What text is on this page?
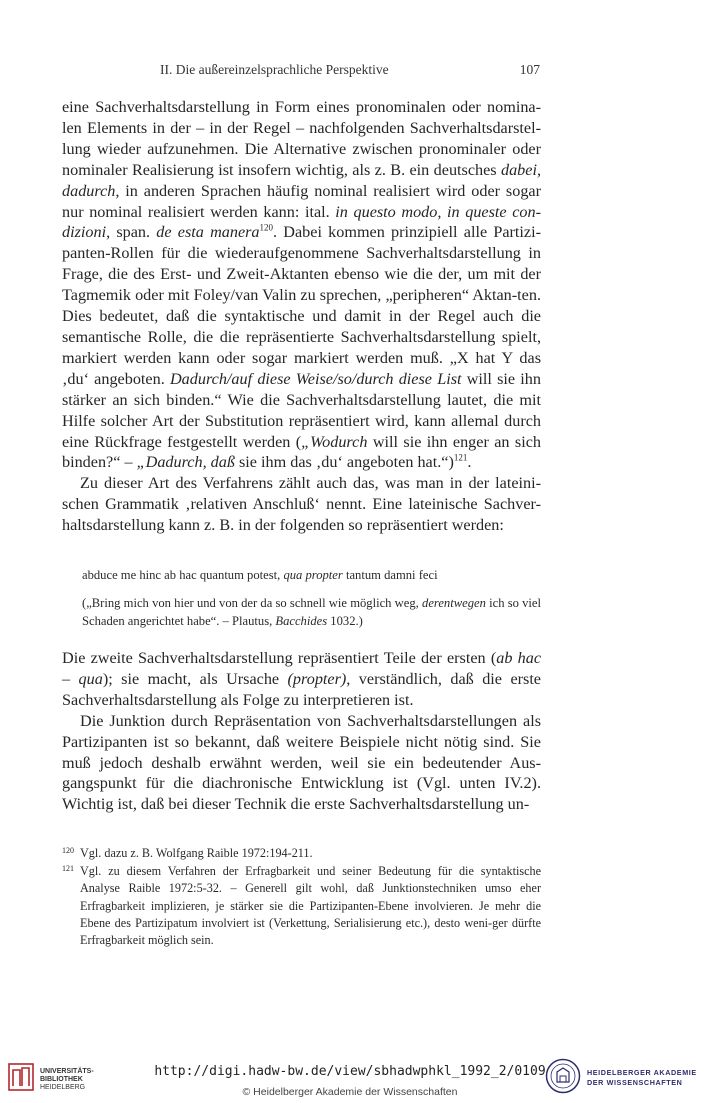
II. Die außereinzelsprachliche Perspektive	107

eine Sachverhaltsdarstellung in Form eines pronominalen oder nomina-len Elements in der – in der Regel – nachfolgenden Sachverhaltsdarstel-lung wieder aufzunehmen. Die Alternative zwischen pronominaler oder nominaler Realisierung ist insofern wichtig, als z. B. ein deutsches dabei, dadurch, in anderen Sprachen häufig nominal realisiert wird oder sogar nur nominal realisiert werden kann: ital. in questo modo, in queste con-dizioni, span. de esta manera$^{120}$. Dabei kommen prinzipiell alle Partizi-panten-Rollen für die wiederaufgenommene Sachverhaltsdarstellung in Frage, die des Erst- und Zweit-Aktanten ebenso wie die der, um mit der Tagmemik oder mit Foley/van Valin zu sprechen, „peripheren“ Aktan-ten. Dies bedeutet, daß die syntaktische und damit in der Regel auch die semantische Rolle, die die repräsentierte Sachverhaltsdarstellung spielt, markiert werden kann oder sogar markiert werden muß. „X hat Y das ‚du‘ angeboten. Dadurch/auf diese Weise/so/durch diese List will sie ihn stärker an sich binden.“ Wie die Sachverhaltsdarstellung lautet, die mit Hilfe solcher Art der Substitution repräsentiert wird, kann allemal durch eine Rückfrage festgestellt werden („Wodurch will sie ihn enger an sich binden?“ – „Dadurch, daß sie ihm das ‚du‘ angeboten hat.“)$^{121}$.

Zu dieser Art des Verfahrens zählt auch das, was man in der lateini-schen Grammatik ‚relativen Anschluß‘ nennt. Eine lateinische Sachver-haltsdarstellung kann z. B. in der folgenden so repräsentiert werden:

abduce me hinc ab hac quantum potest, qua propter tantum damni feci

(„Bring mich von hier und von der da so schnell wie möglich weg, derentwegen ich so viel Schaden angerichtet habe“. – Plautus, Bacchides 1032.)

Die zweite Sachverhaltsdarstellung repräsentiert Teile der ersten (ab hac – qua); sie macht, als Ursache (propter), verständlich, daß die erste Sachverhaltsdarstellung als Folge zu interpretieren ist.

Die Junktion durch Repräsentation von Sachverhaltsdarstellungen als Partizipanten ist so bekannt, daß weitere Beispiele nicht nötig sind. Sie muß jedoch deshalb erwähnt werden, weil sie ein bedeutender Aus-gangspunkt für die diachronische Entwicklung ist (Vgl. unten IV.2). Wichtig ist, daß bei dieser Technik die erste Sachverhaltsdarstellung un-

120 Vgl. dazu z. B. Wolfgang Raible 1972:194-211.
121 Vgl. zu diesem Verfahren der Erfragbarkeit und seiner Bedeutung für die syntaktische Analyse Raible 1972:5-32. – Generell gilt wohl, daß Junktionstechniken umso eher Erfragbarkeit implizieren, je stärker sie die Partizipanten-Ebene involvieren. Je mehr die Ebene des Partizipatum involviert ist (Verkettung, Serialisierung etc.), desto weni-ger dürfte Erfragbarkeit möglich sein.
UNIVERSITÄTS-
BIBLIOTHEK
HEIDELBERG
http://digi.hadw-bw.de/view/sbhadwphkl_1992_2/0109
© Heidelberger Akademie der Wissenschaften
HEIDELBERGER AKADEMIE
DER WISSENSCHAFTEN
